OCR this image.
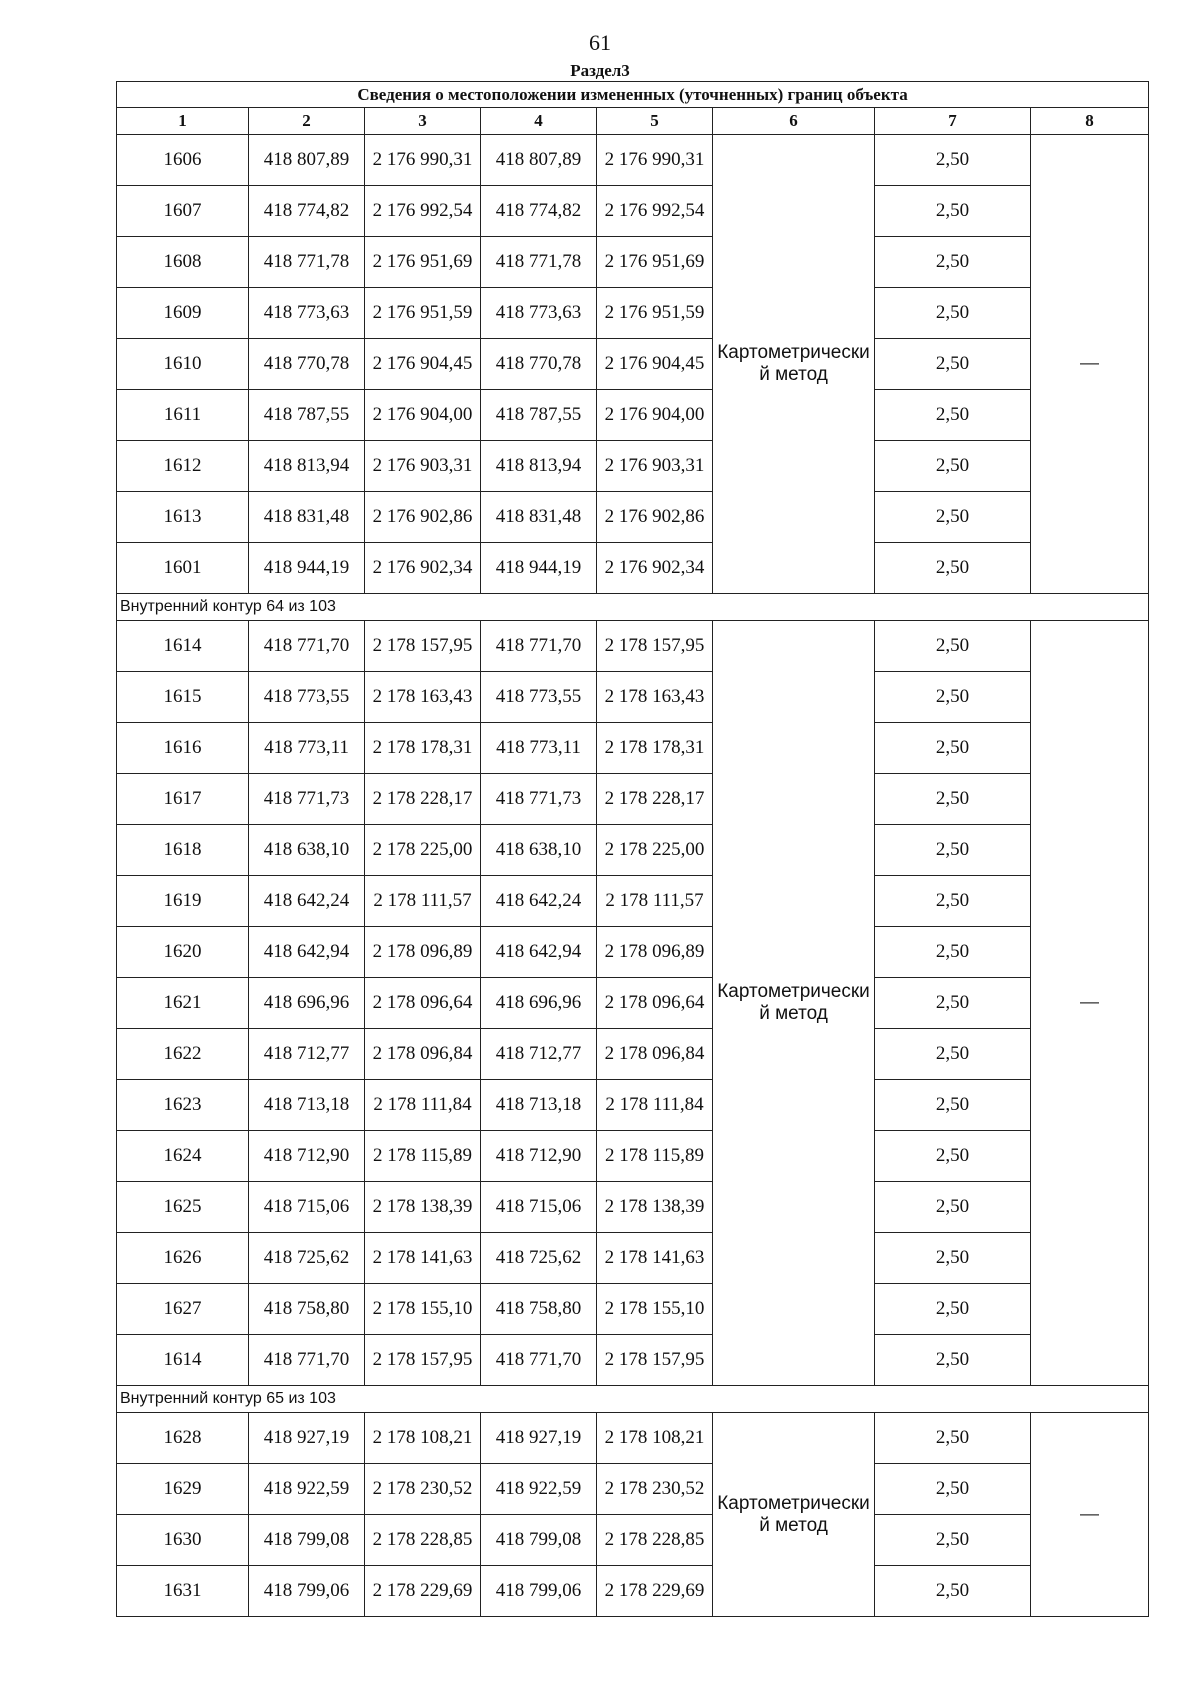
61
Раздел3
Сведения о местоположении измененных (уточненных) границ объекта							
1	2	3	4	5	6	7	8
1606	418 807,89	2 176 990,31	418 807,89	2 176 990,31	Картометрически й метод	2,50	—
1607	418 774,82	2 176 992,54	418 774,82	2 176 992,54		2,50	
1608	418 771,78	2 176 951,69	418 771,78	2 176 951,69		2,50	
1609	418 773,63	2 176 951,59	418 773,63	2 176 951,59		2,50	
1610	418 770,78	2 176 904,45	418 770,78	2 176 904,45		2,50	
1611	418 787,55	2 176 904,00	418 787,55	2 176 904,00		2,50	
1612	418 813,94	2 176 903,31	418 813,94	2 176 903,31		2,50	
1613	418 831,48	2 176 902,86	418 831,48	2 176 902,86		2,50	
1601	418 944,19	2 176 902,34	418 944,19	2 176 902,34		2,50	
Внутренний контур 64 из 103							
1614	418 771,70	2 178 157,95	418 771,70	2 178 157,95	Картометрически й метод	2,50	—
1615	418 773,55	2 178 163,43	418 773,55	2 178 163,43		2,50	
1616	418 773,11	2 178 178,31	418 773,11	2 178 178,31		2,50	
1617	418 771,73	2 178 228,17	418 771,73	2 178 228,17		2,50	
1618	418 638,10	2 178 225,00	418 638,10	2 178 225,00		2,50	
1619	418 642,24	2 178 111,57	418 642,24	2 178 111,57		2,50	
1620	418 642,94	2 178 096,89	418 642,94	2 178 096,89		2,50	
1621	418 696,96	2 178 096,64	418 696,96	2 178 096,64		2,50	
1622	418 712,77	2 178 096,84	418 712,77	2 178 096,84		2,50	
1623	418 713,18	2 178 111,84	418 713,18	2 178 111,84		2,50	
1624	418 712,90	2 178 115,89	418 712,90	2 178 115,89		2,50	
1625	418 715,06	2 178 138,39	418 715,06	2 178 138,39		2,50	
1626	418 725,62	2 178 141,63	418 725,62	2 178 141,63		2,50	
1627	418 758,80	2 178 155,10	418 758,80	2 178 155,10		2,50	
1614	418 771,70	2 178 157,95	418 771,70	2 178 157,95		2,50	
Внутренний контур 65 из 103							
1628	418 927,19	2 178 108,21	418 927,19	2 178 108,21	Картометрически й метод	2,50	—
1629	418 922,59	2 178 230,52	418 922,59	2 178 230,52		2,50	
1630	418 799,08	2 178 228,85	418 799,08	2 178 228,85		2,50	
1631	418 799,06	2 178 229,69	418 799,06	2 178 229,69		2,50	
